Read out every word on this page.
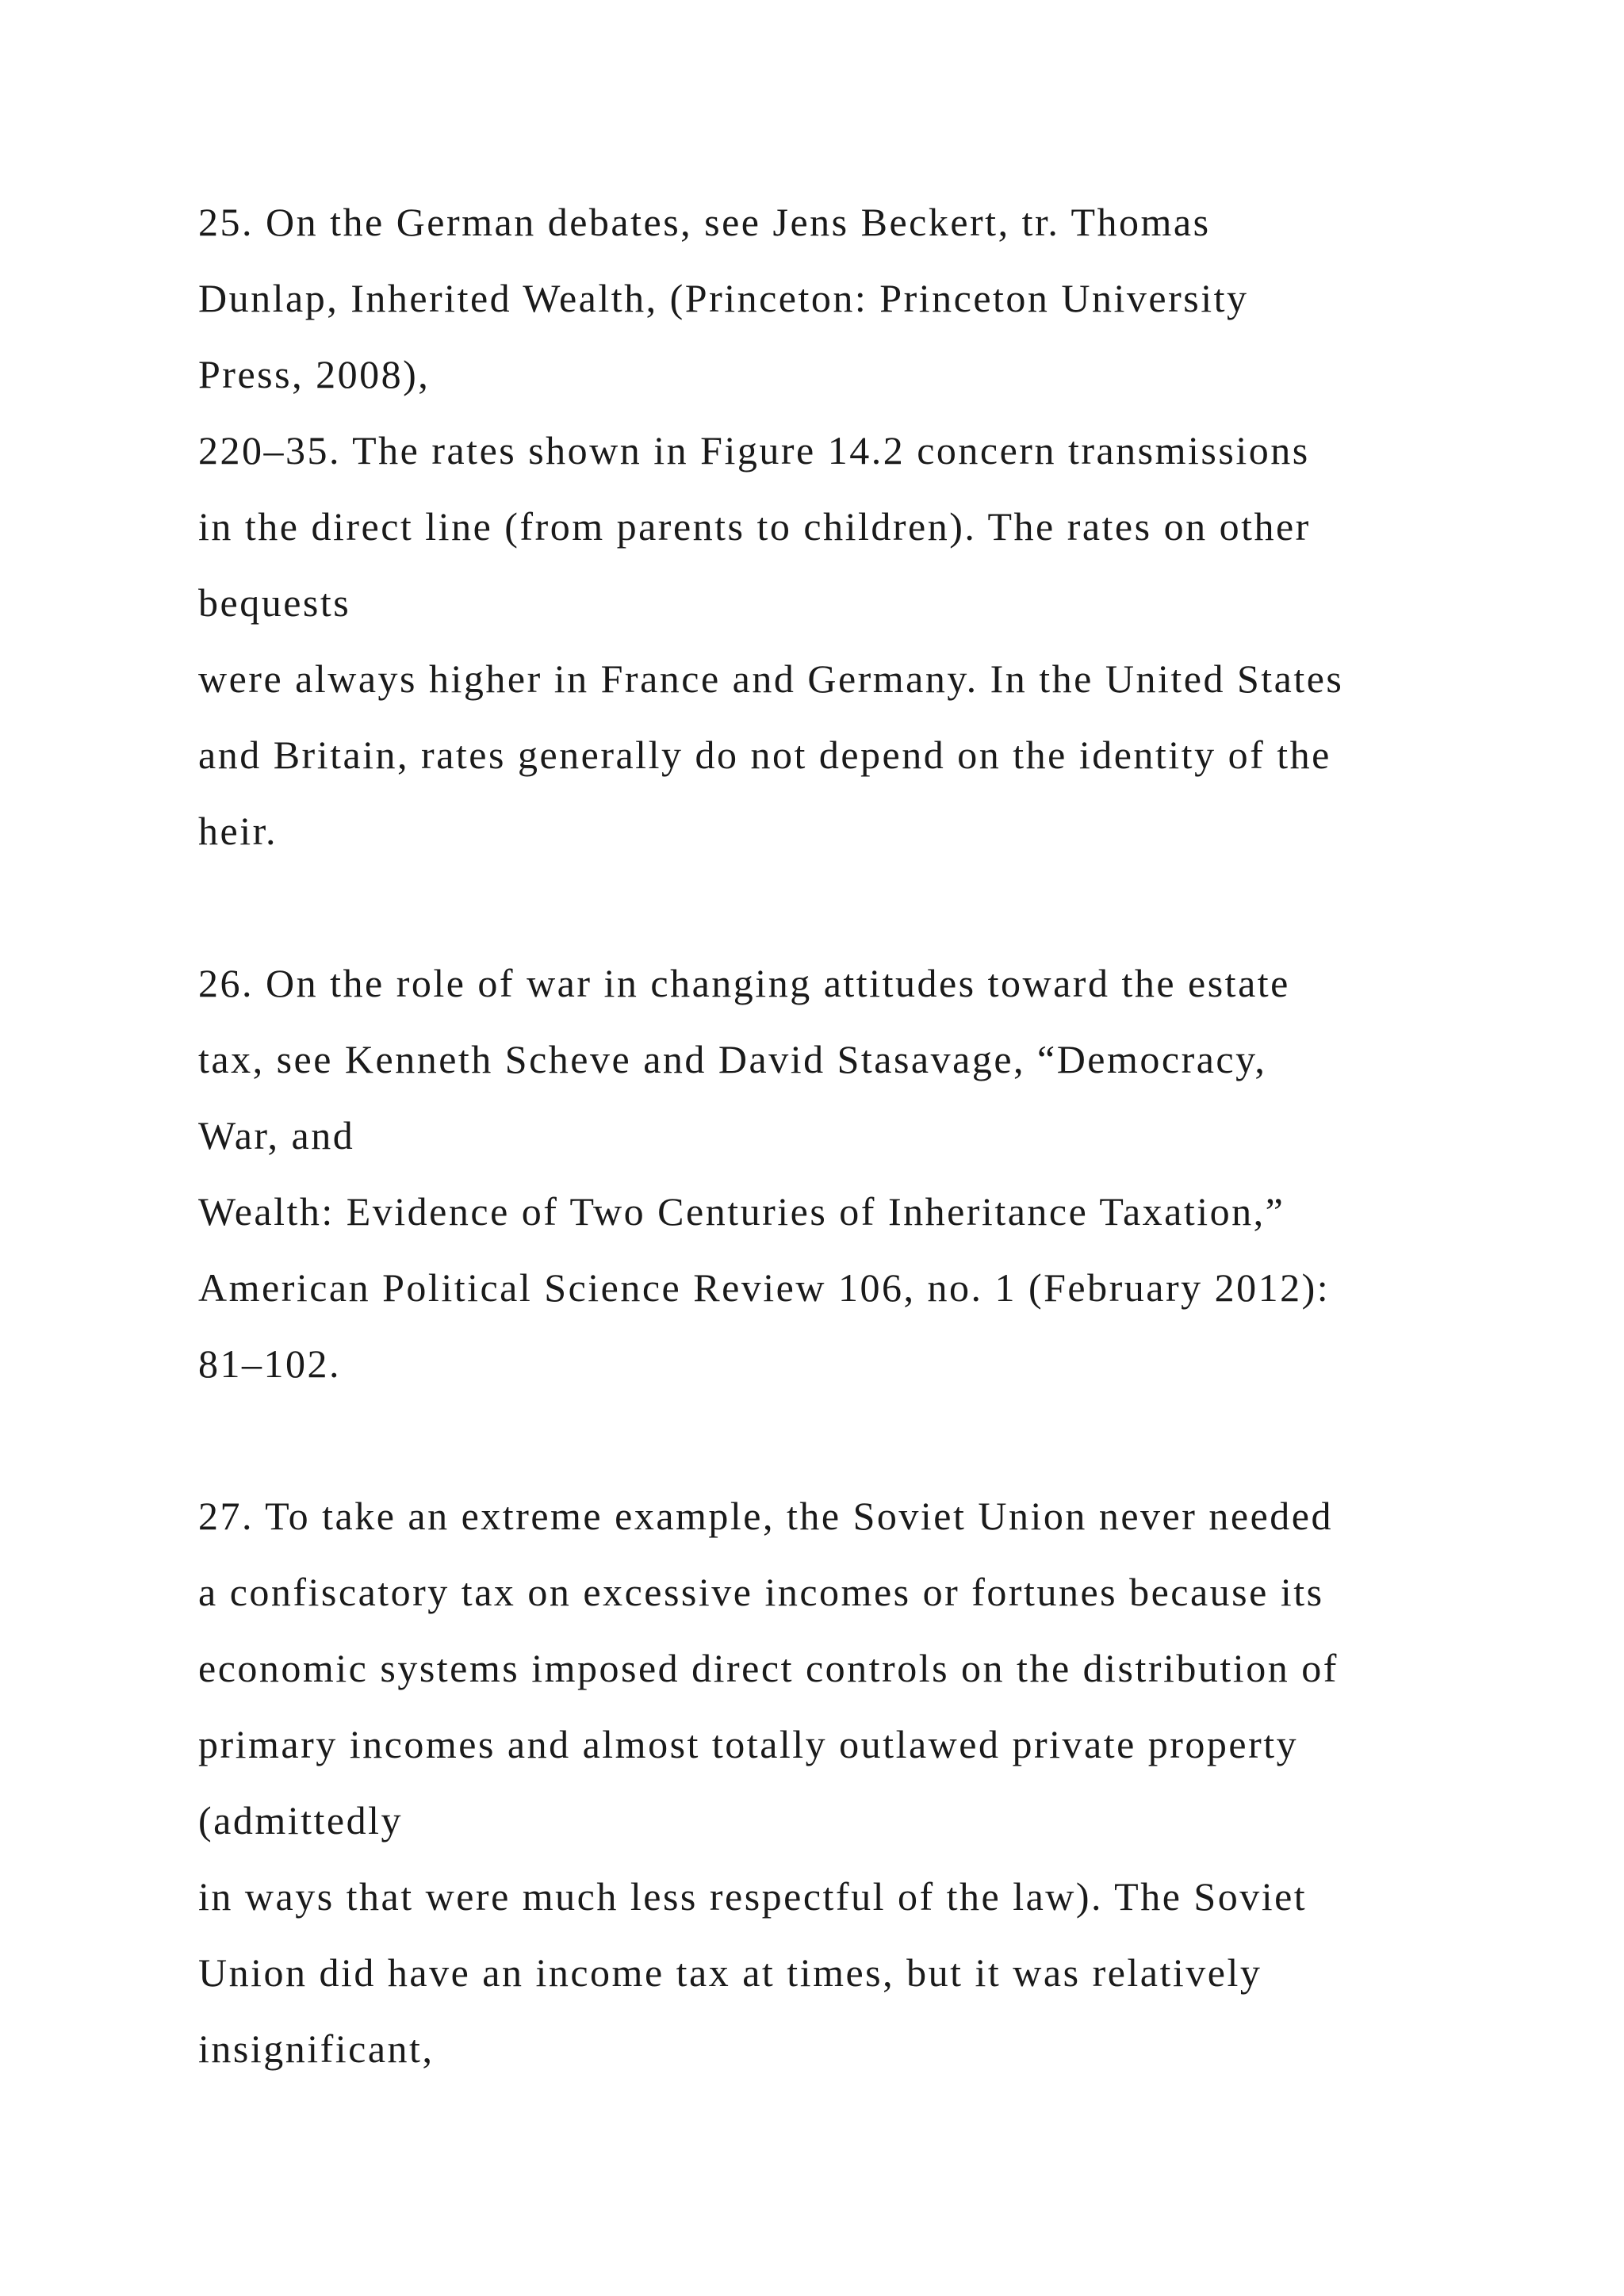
25. On the German debates, see Jens Beckert, tr. Thomas
Dunlap, Inherited Wealth, (Princeton: Princeton University
Press, 2008),
220–35. The rates shown in Figure 14.2 concern transmissions
in the direct line (from parents to children). The rates on other
bequests
were always higher in France and Germany. In the United States
and Britain, rates generally do not depend on the identity of the
heir.
26. On the role of war in changing attitudes toward the estate
tax, see Kenneth Scheve and David Stasavage, “Democracy,
War, and
Wealth: Evidence of Two Centuries of Inheritance Taxation,”
American Political Science Review 106, no. 1 (February 2012):
81–102.
27. To take an extreme example, the Soviet Union never needed
a confiscatory tax on excessive incomes or fortunes because its
economic systems imposed direct controls on the distribution of
primary incomes and almost totally outlawed private property
(admittedly
in ways that were much less respectful of the law). The Soviet
Union did have an income tax at times, but it was relatively
insignificant,
